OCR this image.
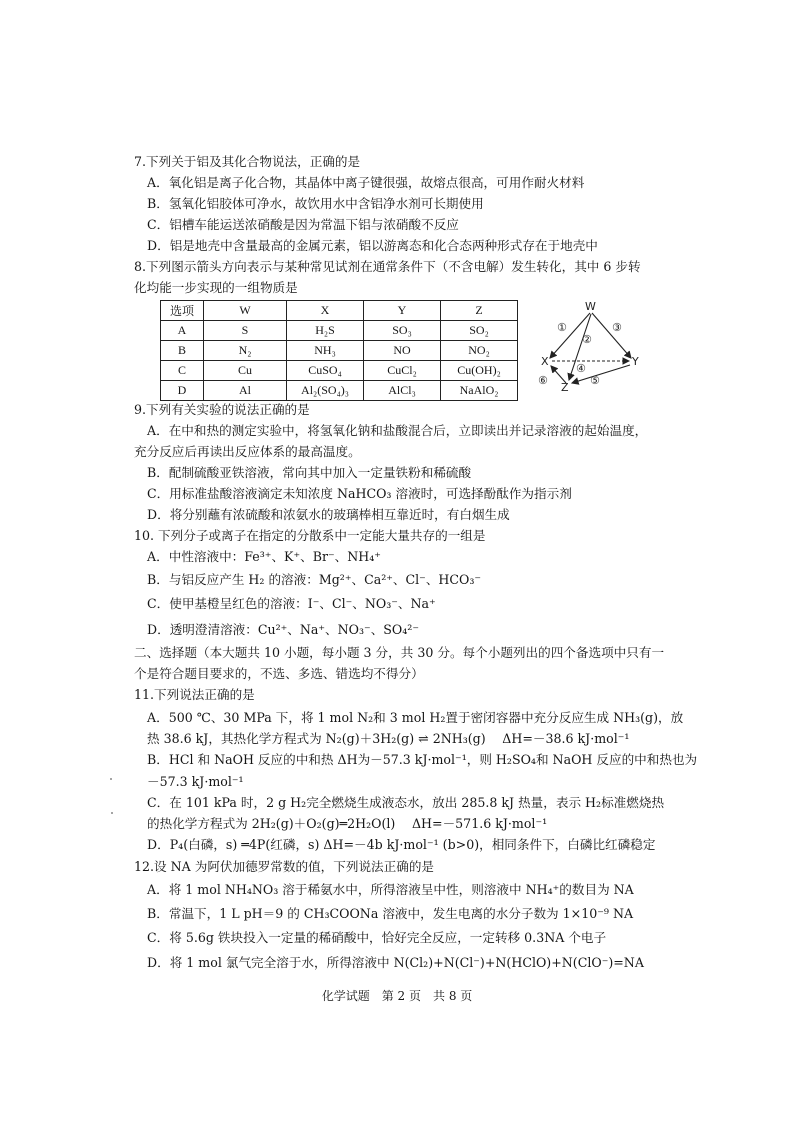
7.下列关于铝及其化合物说法，正确的是
A．氧化铝是离子化合物，其晶体中离子键很强，故熔点很高，可用作耐火材料
B．氢氧化铝胶体可净水，故饮用水中含铝净水剂可长期使用
C．铝槽车能运送浓硝酸是因为常温下铝与浓硝酸不反应
D．铝是地壳中含量最高的金属元素，铝以游离态和化合态两种形式存在于地壳中
8.下列图示箭头方向表示与某种常见试剂在通常条件下（不含电解）发生转化，其中 6 步转
化均能一步实现的一组物质是
选项	W	X	Y	Z
A	S	H₂S	SO₃	SO₂
B	N₂	NH₃	NO	NO₂
C	Cu	CuSO₄	CuCl₂	Cu(OH)₂
D	Al	Al₂(SO₄)₃	AlCl₃	NaAlO₂
W
X	Y
Z
①
②
③
④
⑤
⑥
9.下列有关实验的说法正确的是
A．在中和热的测定实验中，将氢氧化钠和盐酸混合后，立即读出并记录溶液的起始温度，
充分反应后再读出反应体系的最高温度。
B．配制硫酸亚铁溶液，常向其中加入一定量铁粉和稀硫酸
C．用标准盐酸溶液滴定未知浓度 NaHCO₃ 溶液时，可选择酚酞作为指示剂
D．将分别蘸有浓硫酸和浓氨水的玻璃棒相互靠近时，有白烟生成
10. 下列分子或离子在指定的分散系中一定能大量共存的一组是
A．中性溶液中：Fe³⁺、K⁺、Br⁻、NH₄⁺
B．与铝反应产生 H₂ 的溶液：Mg²⁺、Ca²⁺、Cl⁻、HCO₃⁻
C．使甲基橙呈红色的溶液：I⁻、Cl⁻、NO₃⁻、Na⁺
D．透明澄清溶液：Cu²⁺、Na⁺、NO₃⁻、SO₄²⁻
二、选择题（本大题共 10 小题，每小题 3 分，共 30 分。每个小题列出的四个备选项中只有一
个是符合题目要求的，不选、多选、错选均不得分）
11.下列说法正确的是
A．500 ℃、30 MPa 下，将 1 mol N₂和 3 mol H₂置于密闭容器中充分反应生成 NH₃(g)，放
热 38.6 kJ，其热化学方程式为 N₂(g)＋3H₂(g) ⇌ 2NH₃(g)　 ΔH=－38.6 kJ·mol⁻¹
B．HCl 和 NaOH 反应的中和热 ΔH为－57.3 kJ·mol⁻¹，则 H₂SO₄和 NaOH 反应的中和热也为
－57.3 kJ·mol⁻¹
C．在 101 kPa 时，2 g H₂完全燃烧生成液态水，放出 285.8 kJ 热量，表示 H₂标准燃烧热
的热化学方程式为 2H₂(g)＋O₂(g)═2H₂O(l)　 ΔH=－571.6 kJ·mol⁻¹
D．P₄(白磷，s) ═4P(红磷，s) ΔH=－4b kJ·mol⁻¹ (b>0)，相同条件下，白磷比红磷稳定
12.设 NA 为阿伏加德罗常数的值，下列说法正确的是
A．将 1 mol NH₄NO₃ 溶于稀氨水中，所得溶液呈中性，则溶液中 NH₄⁺的数目为 NA
B．常温下，1 L pH＝9 的 CH₃COONa 溶液中，发生电离的水分子数为 1×10⁻⁹ NA
C．将 5.6g 铁块投入一定量的稀硝酸中，恰好完全反应，一定转移 0.3NA 个电子
D．将 1 mol 氯气完全溶于水，所得溶液中 N(Cl₂)+N(Cl⁻)+N(HClO)+N(ClO⁻)=NA
化学试题　第 2 页　共 8 页
